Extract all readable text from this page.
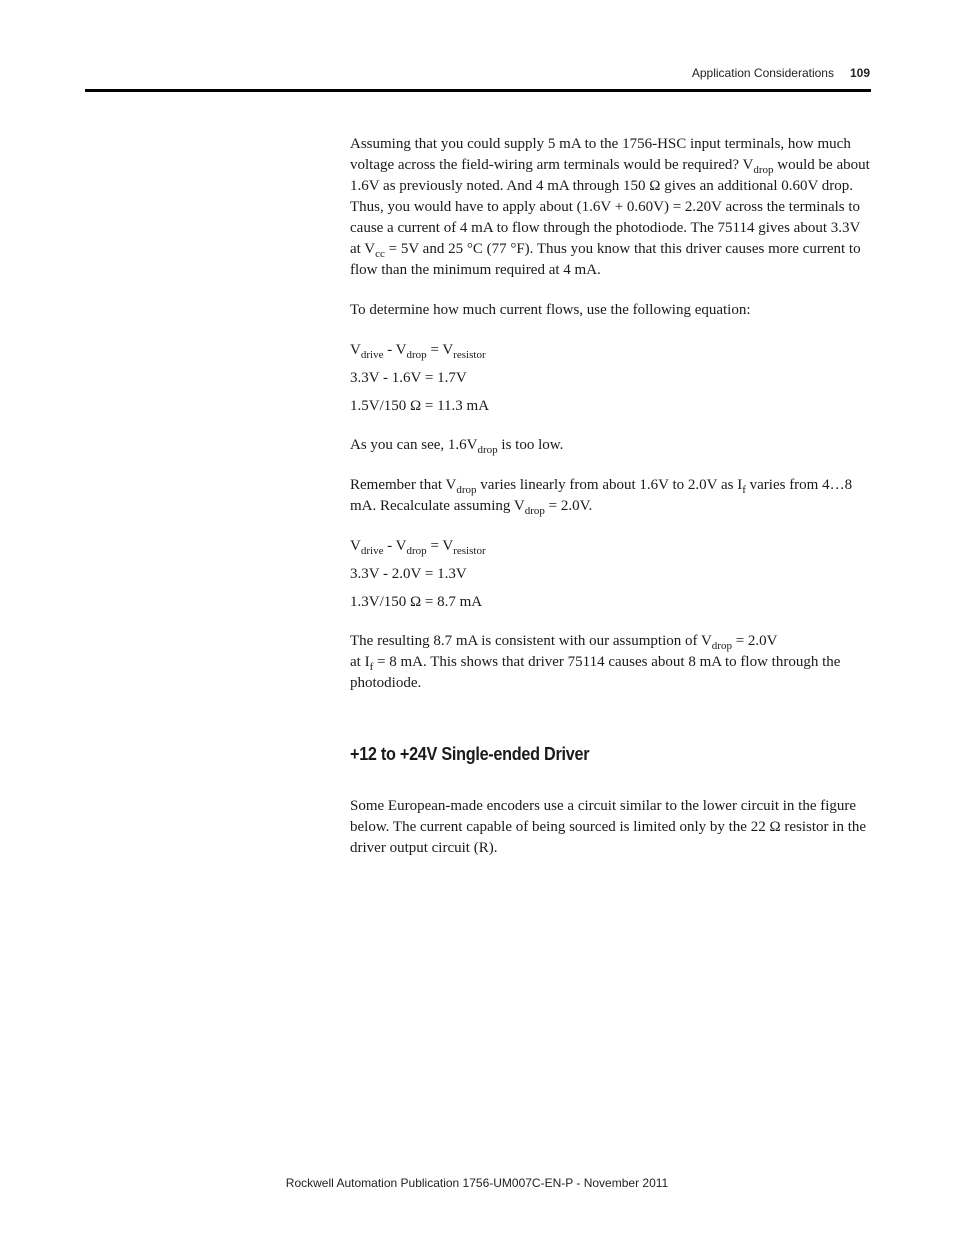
Application Considerations 109

Assuming that you could supply 5 mA to the 1756-HSC input terminals, how much voltage across the field-wiring arm terminals would be required? $V_{drop}$ would be about 1.6V as previously noted. And 4 mA through 150 Ω gives an additional 0.60V drop. Thus, you would have to apply about (1.6V + 0.60V) = 2.20V across the terminals to cause a current of 4 mA to flow through the photodiode. The 75114 gives about 3.3V at $V_{cc} = 5V$ and 25 °C (77 °F). Thus you know that this driver causes more current to flow than the minimum required at 4 mA.

To determine how much current flows, use the following equation:

$V_{drive} - V_{drop} = V_{resistor}$

3.3V - 1.6V = 1.7V

1.5V/150 Ω = 11.3 mA

As you can see, $1.6V_{drop}$ is too low.

Remember that $V_{drop}$ varies linearly from about 1.6V to 2.0V as $I_f$ varies from 4…8 mA. Recalculate assuming $V_{drop} = 2.0V$.

$V_{drive} - V_{drop} = V_{resistor}$

3.3V - 2.0V = 1.3V

1.3V/150 Ω = 8.7 mA

The resulting 8.7 mA is consistent with our assumption of $V_{drop} = 2.0V$
at $I_f = 8$ mA. This shows that driver 75114 causes about 8 mA to flow through the photodiode.

+12 to +24V Single-ended Driver

Some European-made encoders use a circuit similar to the lower circuit in the figure below. The current capable of being sourced is limited only by the 22 Ω resistor in the driver output circuit (R).

Rockwell Automation Publication 1756-UM007C-EN-P - November 2011
